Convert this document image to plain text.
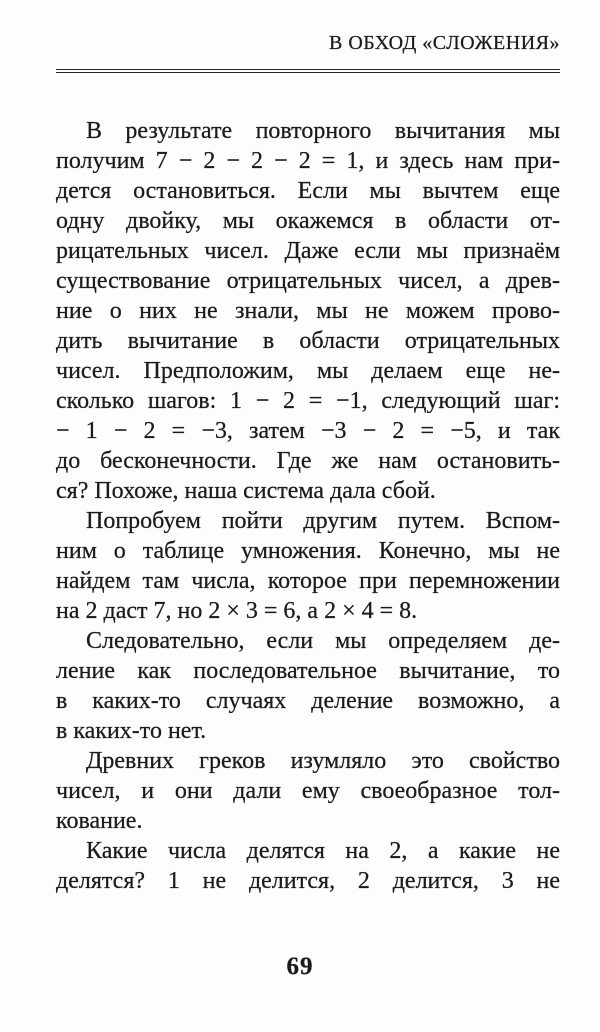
В ОБХОД «СЛОЖЕНИЯ»
В результате повторного вычитания мы
получим 7 − 2 − 2 − 2 = 1, и здесь нам при-
дется остановиться. Если мы вычтем еще
одну двойку, мы окажемся в области от-
рицательных чисел. Даже если мы признаём
существование отрицательных чисел, а древ-
ние о них не знали, мы не можем прово-
дить вычитание в области отрицательных
чисел. Предположим, мы делаем еще не-
сколько шагов: 1 − 2 = −1, следующий шаг:
− 1 − 2 = −3, затем −3 − 2 = −5, и так
до бесконечности. Где же нам остановить-
ся? Похоже, наша система дала сбой.
Попробуем пойти другим путем. Вспом-
ним о таблице умножения. Конечно, мы не
найдем там числа, которое при перемножении
на 2 даст 7, но 2 × 3 = 6, а 2 × 4 = 8.
Следовательно, если мы определяем де-
ление как последовательное вычитание, то
в каких-то случаях деление возможно, а
в каких-то нет.
Древних греков изумляло это свойство
чисел, и они дали ему своеобразное тол-
кование.
Какие числа делятся на 2, а какие не
делятся? 1 не делится, 2 делится, 3 не
69
